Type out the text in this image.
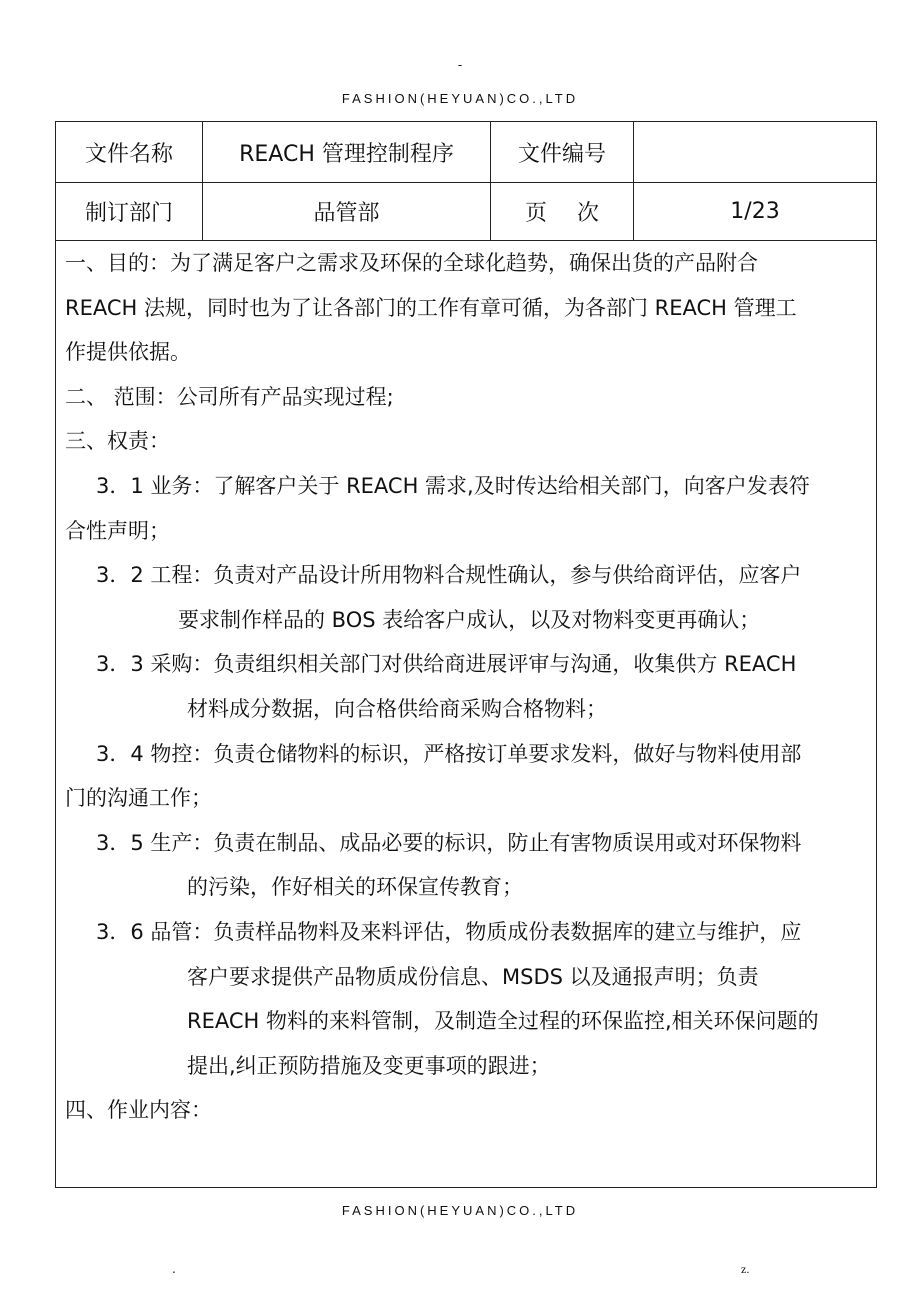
-
FASHION(HEYUAN)CO.,LTD
文件名称	REACH 管理控制程序	文件编号
制订部门	品管部	页次	1/23
一、目的：为了满足客户之需求及环保的全球化趋势，确保出货的产品附合
REACH 法规，同时也为了让各部门的工作有章可循，为各部门 REACH 管理工
作提供依据。
二、 范围：公司所有产品实现过程;
三、权责：
3．1 业务：了解客户关于 REACH 需求,及时传达给相关部门，向客户发表符
合性声明；
3．2 工程：负责对产品设计所用物料合规性确认，参与供给商评估，应客户
要求制作样品的 BOS 表给客户成认，以及对物料变更再确认；
3．3 采购：负责组织相关部门对供给商进展评审与沟通，收集供方 REACH
材料成分数据，向合格供给商采购合格物料；
3．4 物控：负责仓储物料的标识，严格按订单要求发料，做好与物料使用部
门的沟通工作；
3．5 生产：负责在制品、成品必要的标识，防止有害物质误用或对环保物料
的污染，作好相关的环保宣传教育；
3．6 品管：负责样品物料及来料评估，物质成份表数据库的建立与维护，应
客户要求提供产品物质成份信息、MSDS 以及通报声明；负责
REACH 物料的来料管制，及制造全过程的环保监控,相关环保问题的
提出,纠正预防措施及变更事项的跟进；
四、作业内容：
FASHION(HEYUAN)CO.,LTD
.	z.
